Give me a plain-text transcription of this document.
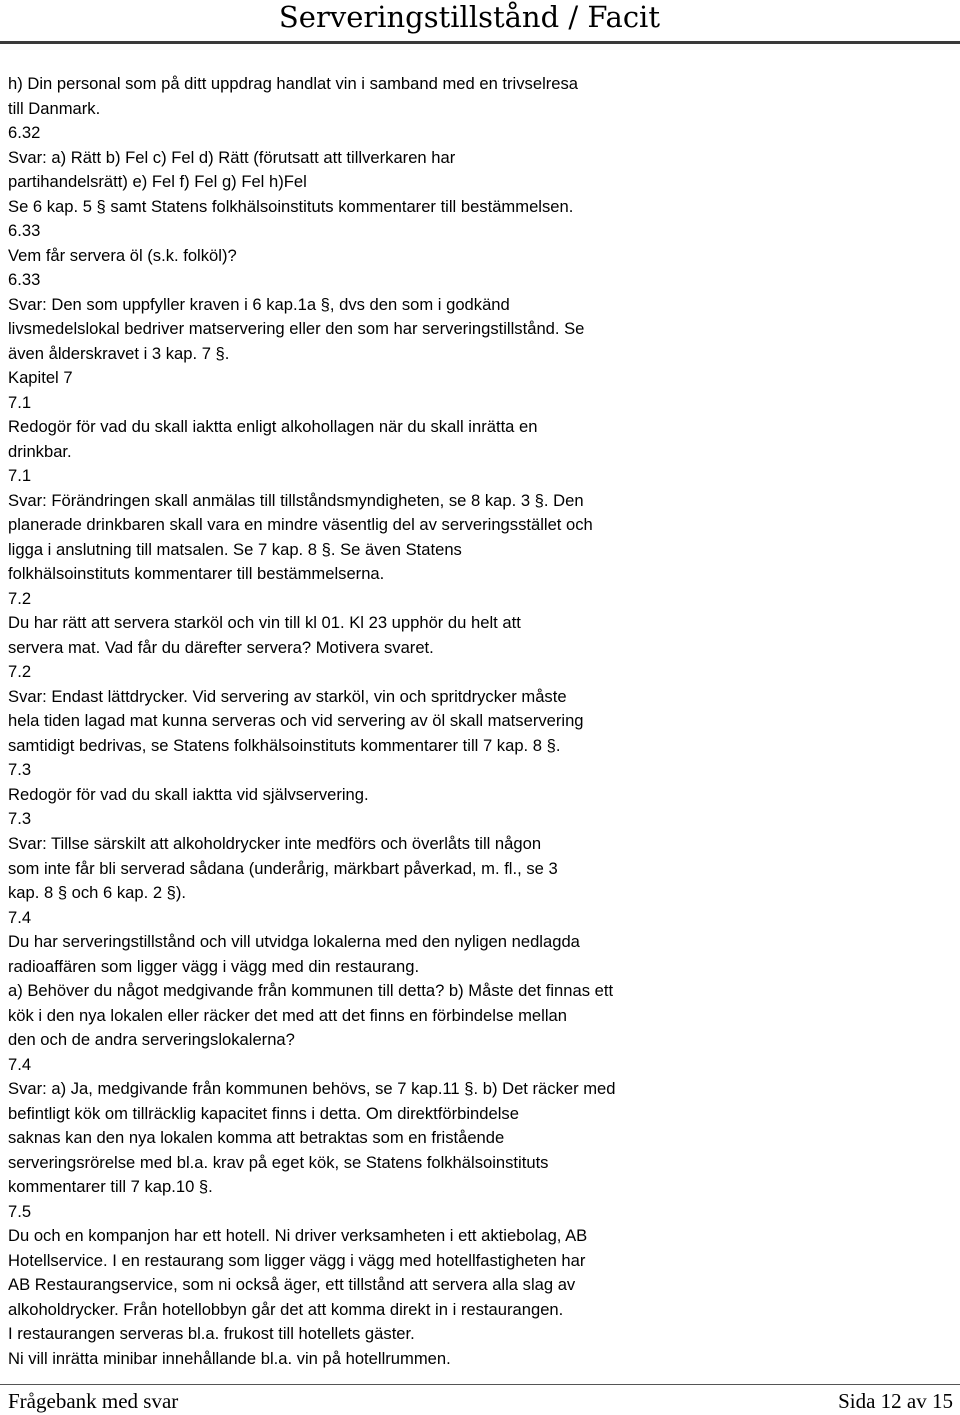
Serveringstillstånd / Facit
h) Din personal som på ditt uppdrag handlat vin i samband med en trivselresa
till Danmark.
6.32
Svar: a) Rätt b) Fel c) Fel d) Rätt (förutsatt att tillverkaren har
partihandelsrätt) e) Fel f) Fel g) Fel h)Fel
Se 6 kap. 5 § samt Statens folkhälsoinstituts kommentarer till bestämmelsen.
6.33
Vem får servera öl (s.k. folköl)?
6.33
Svar: Den som uppfyller kraven i 6 kap.1a §, dvs den som i godkänd
livsmedelslokal bedriver matservering eller den som har serveringstillstånd. Se
även ålderskravet i 3 kap. 7 §.
Kapitel 7
7.1
Redogör för vad du skall iaktta enligt alkohollagen när du skall inrätta en
drinkbar.
7.1
Svar: Förändringen skall anmälas till tillståndsmyndigheten, se 8 kap. 3 §. Den
planerade drinkbaren skall vara en mindre väsentlig del av serveringsstället och
ligga i anslutning till matsalen. Se 7 kap. 8 §. Se även Statens
folkhälsoinstituts kommentarer till bestämmelserna.
7.2
Du har rätt att servera starköl och vin till kl 01. Kl 23 upphör du helt att
servera mat. Vad får du därefter servera? Motivera svaret.
7.2
Svar: Endast lättdrycker. Vid servering av starköl, vin och spritdrycker måste
hela tiden lagad mat kunna serveras och vid servering av öl skall matservering
samtidigt bedrivas, se Statens folkhälsoinstituts kommentarer till 7 kap. 8 §.
7.3
Redogör för vad du skall iaktta vid självservering.
7.3
Svar: Tillse särskilt att alkoholdrycker inte medförs och överlåts till någon
som inte får bli serverad sådana (underårig, märkbart påverkad, m. fl., se 3
kap. 8 § och 6 kap. 2 §).
7.4
Du har serveringstillstånd och vill utvidga lokalerna med den nyligen nedlagda
radioaffären som ligger vägg i vägg med din restaurang.
a) Behöver du något medgivande från kommunen till detta? b) Måste det finnas ett
kök i den nya lokalen eller räcker det med att det finns en förbindelse mellan
den och de andra serveringslokalerna?
7.4
Svar: a) Ja, medgivande från kommunen behövs, se 7 kap.11 §. b) Det räcker med
befintligt kök om tillräcklig kapacitet finns i detta. Om direktförbindelse
saknas kan den nya lokalen komma att betraktas som en fristående
serveringsrörelse med bl.a. krav på eget kök, se Statens folkhälsoinstituts
kommentarer till 7 kap.10 §.
7.5
Du och en kompanjon har ett hotell. Ni driver verksamheten i ett aktiebolag, AB
Hotellservice. I en restaurang som ligger vägg i vägg med hotellfastigheten har
AB Restaurangservice, som ni också äger, ett tillstånd att servera alla slag av
alkoholdrycker. Från hotellobbyn går det att komma direkt in i restaurangen.
I restaurangen serveras bl.a. frukost till hotellets gäster.
Ni vill inrätta minibar innehållande bl.a. vin på hotellrummen.
Frågebank med svar	Sida 12 av 15
